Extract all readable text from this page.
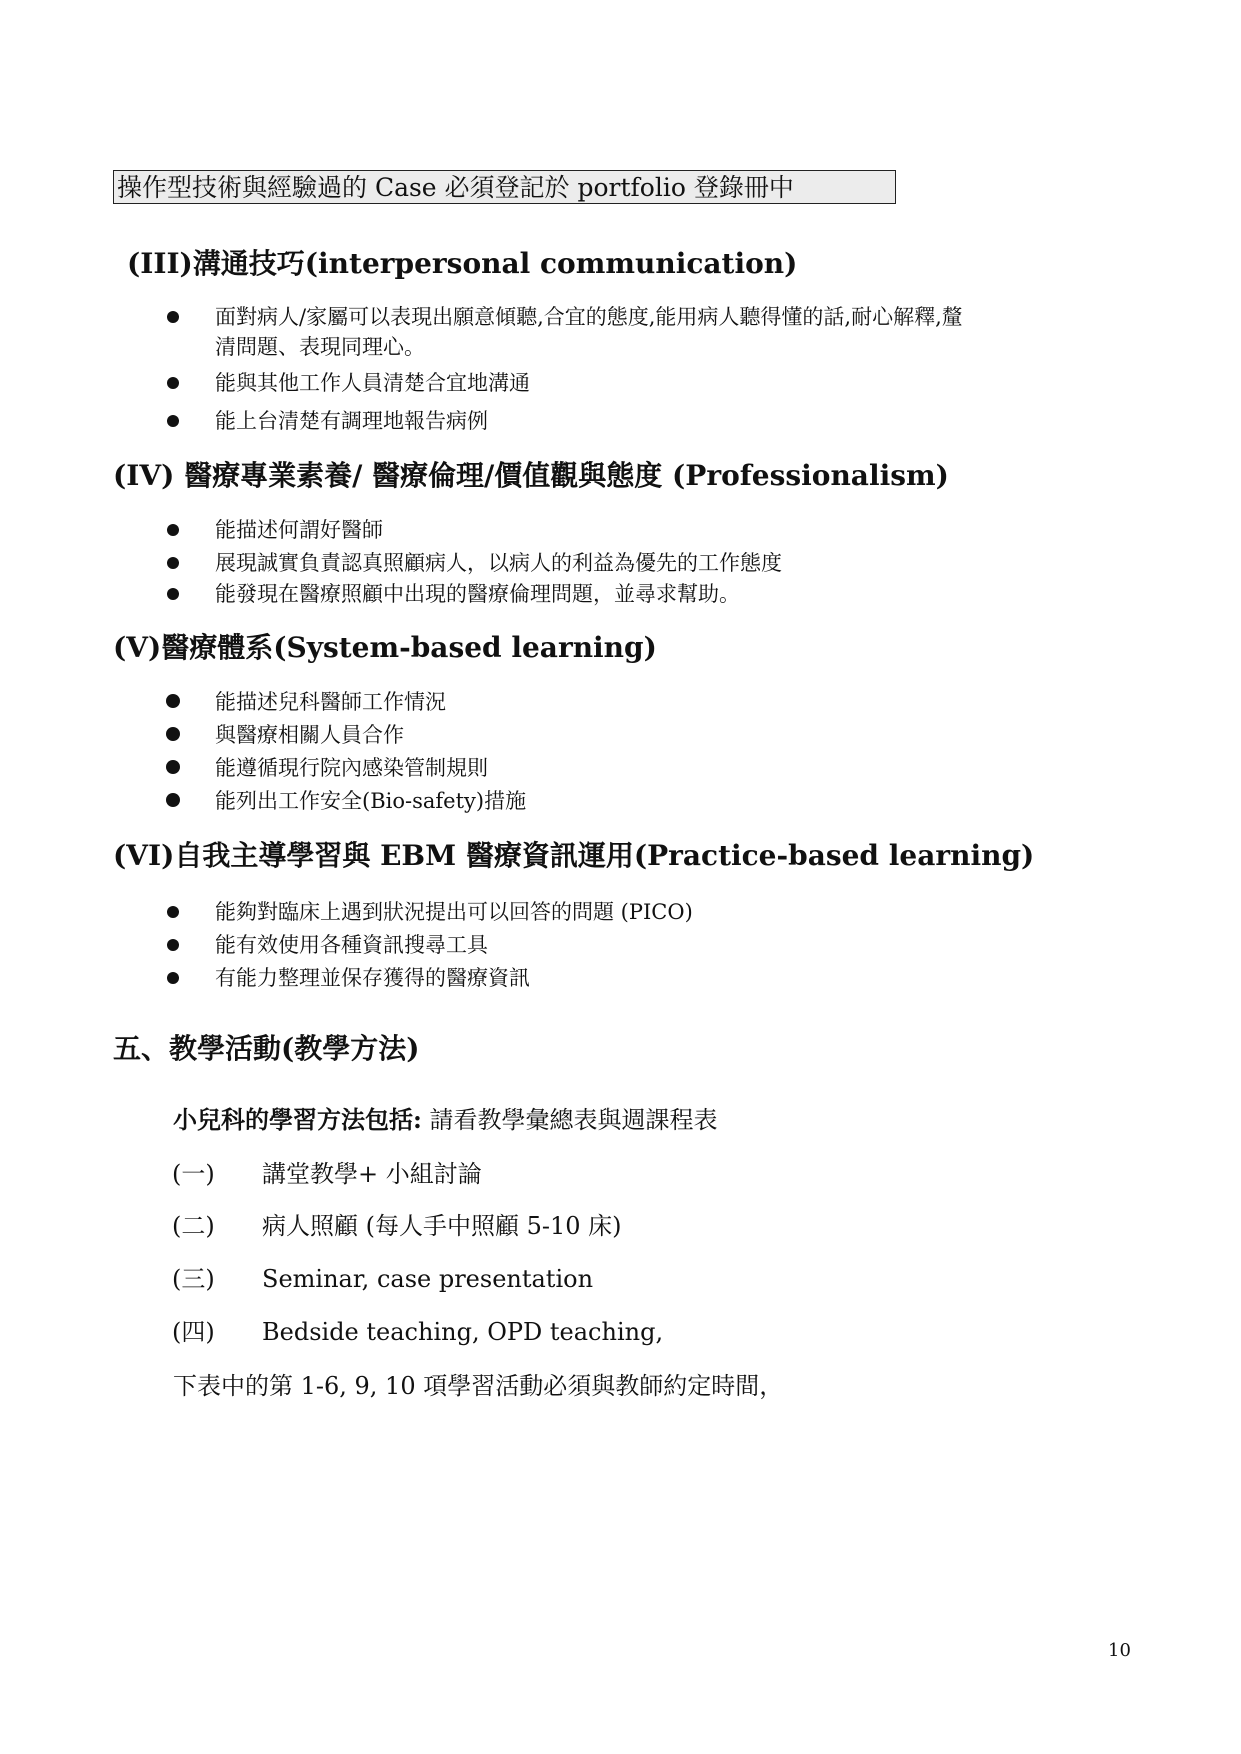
操作型技術與經驗過的 Case 必須登記於 portfolio 登錄冊中
(III)溝通技巧(interpersonal communication)
面對病人/家屬可以表現出願意傾聽,合宜的態度,能用病人聽得懂的話,耐心解釋,釐
清問題、表現同理心。
能與其他工作人員清楚合宜地溝通
能上台清楚有調理地報告病例
(IV) 醫療專業素養/ 醫療倫理/價值觀與態度 (Professionalism)
能描述何謂好醫師
展現誠實負責認真照顧病人，以病人的利益為優先的工作態度
能發現在醫療照顧中出現的醫療倫理問題，並尋求幫助。
(V)醫療體系(System-based learning)
能描述兒科醫師工作情況
與醫療相關人員合作
能遵循現行院內感染管制規則
能列出工作安全(Bio-safety)措施
(VI)自我主導學習與 EBM 醫療資訊運用(Practice-based learning)
能夠對臨床上遇到狀況提出可以回答的問題 (PICO)
能有效使用各種資訊搜尋工具
有能力整理並保存獲得的醫療資訊
五、教學活動(教學方法)
小兒科的學習方法包括: 請看教學彙總表與週課程表
(一) 講堂教學+ 小組討論
(二) 病人照顧 (每人手中照顧 5-10 床)
(三) Seminar, case presentation
(四) Bedside teaching, OPD teaching,
下表中的第 1-6, 9, 10 項學習活動必須與教師約定時間，
10
